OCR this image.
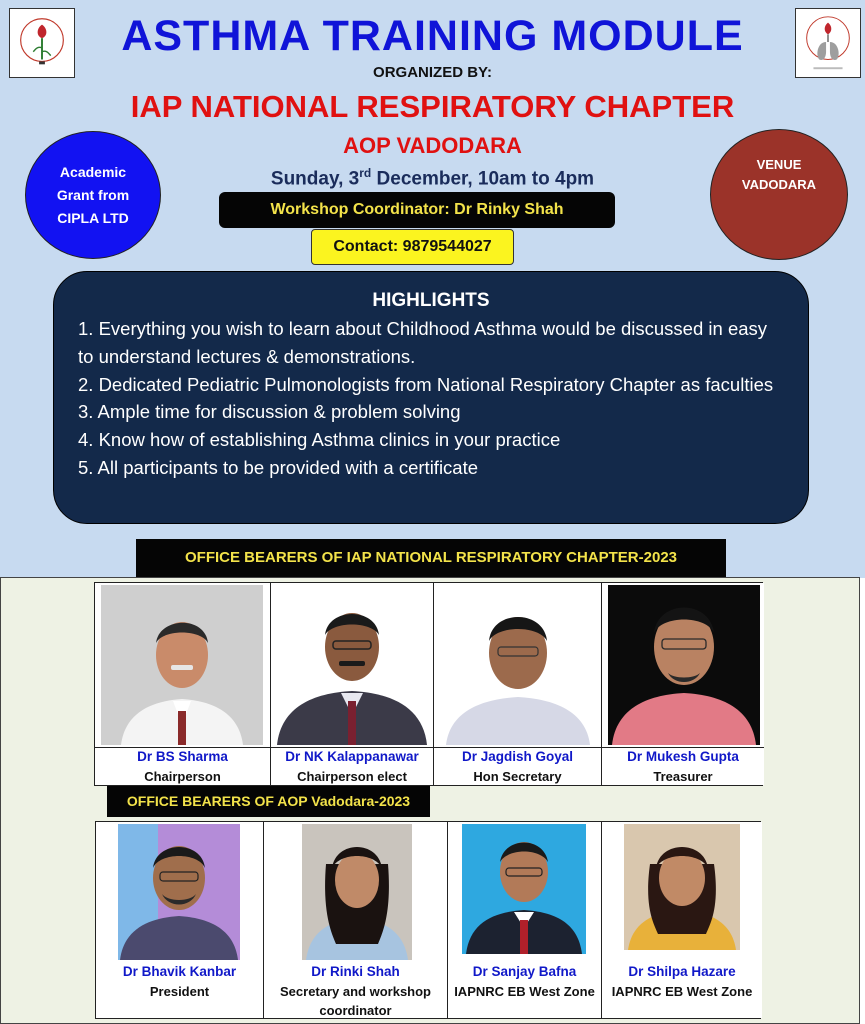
ASTHMA TRAINING MODULE
ORGANIZED BY:
IAP NATIONAL RESPIRATORY CHAPTER
AOP VADODARA
Sunday, 3rd December, 10am to 4pm
Workshop Coordinator: Dr Rinky Shah
Contact: 9879544027
Academic
Grant from
CIPLA LTD
VENUE
VADODARA
HIGHLIGHTS
1. Everything you wish to learn about Childhood Asthma would be discussed in easy to understand lectures & demonstrations.
2. Dedicated Pediatric Pulmonologists from National Respiratory Chapter as faculties
3. Ample time for discussion & problem solving
4. Know how of establishing Asthma clinics in your practice
5. All participants to be provided with a certificate
OFFICE BEARERS OF IAP NATIONAL RESPIRATORY CHAPTER-2023
Dr BS Sharma
Chairperson
Dr NK Kalappanawar
Chairperson elect
Dr Jagdish Goyal
Hon Secretary
Dr Mukesh Gupta
Treasurer
OFFICE BEARERS OF AOP Vadodara-2023
Dr Bhavik Kanbar
President
Dr Rinki Shah
Secretary and workshop
coordinator
Dr Sanjay Bafna
IAPNRC EB West Zone
Dr Shilpa Hazare
IAPNRC EB West Zone
